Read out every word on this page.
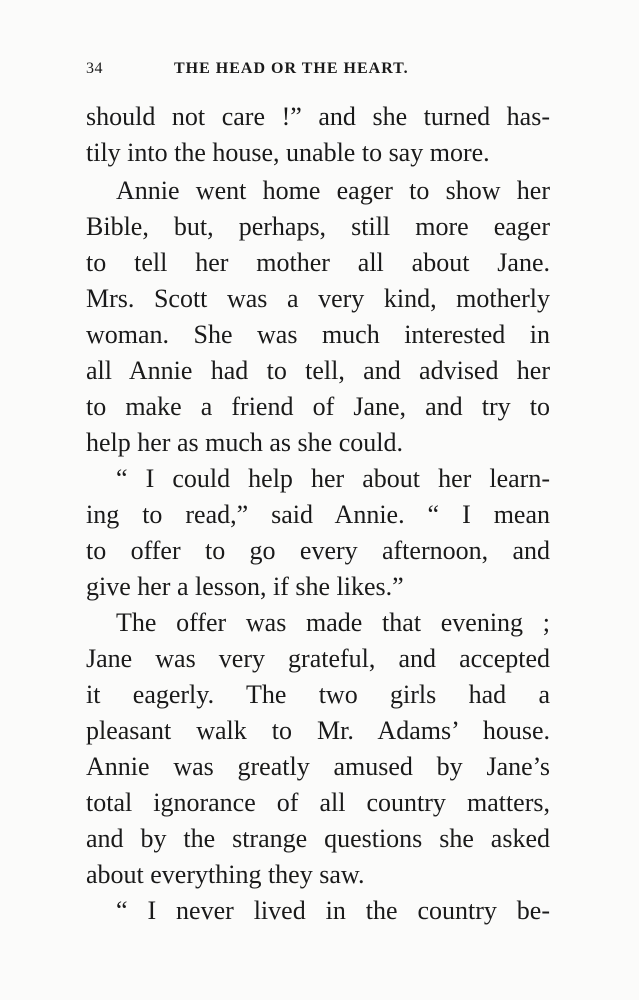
34	THE HEAD OR THE HEART.
should not care !” and she turned has-
tily into the house, unable to say more.
Annie went home eager to show her
Bible, but, perhaps, still more eager
to tell her mother all about Jane.
Mrs. Scott was a very kind, motherly
woman. She was much interested in
all Annie had to tell, and advised her
to make a friend of Jane, and try to
help her as much as she could.
“ I could help her about her learn-
ing to read,” said Annie. “ I mean
to offer to go every afternoon, and
give her a lesson, if she likes.”
The offer was made that evening ;
Jane was very grateful, and accepted
it eagerly. The two girls had a
pleasant walk to Mr. Adams’ house.
Annie was greatly amused by Jane’s
total ignorance of all country matters,
and by the strange questions she asked
about everything they saw.
“ I never lived in the country be-
